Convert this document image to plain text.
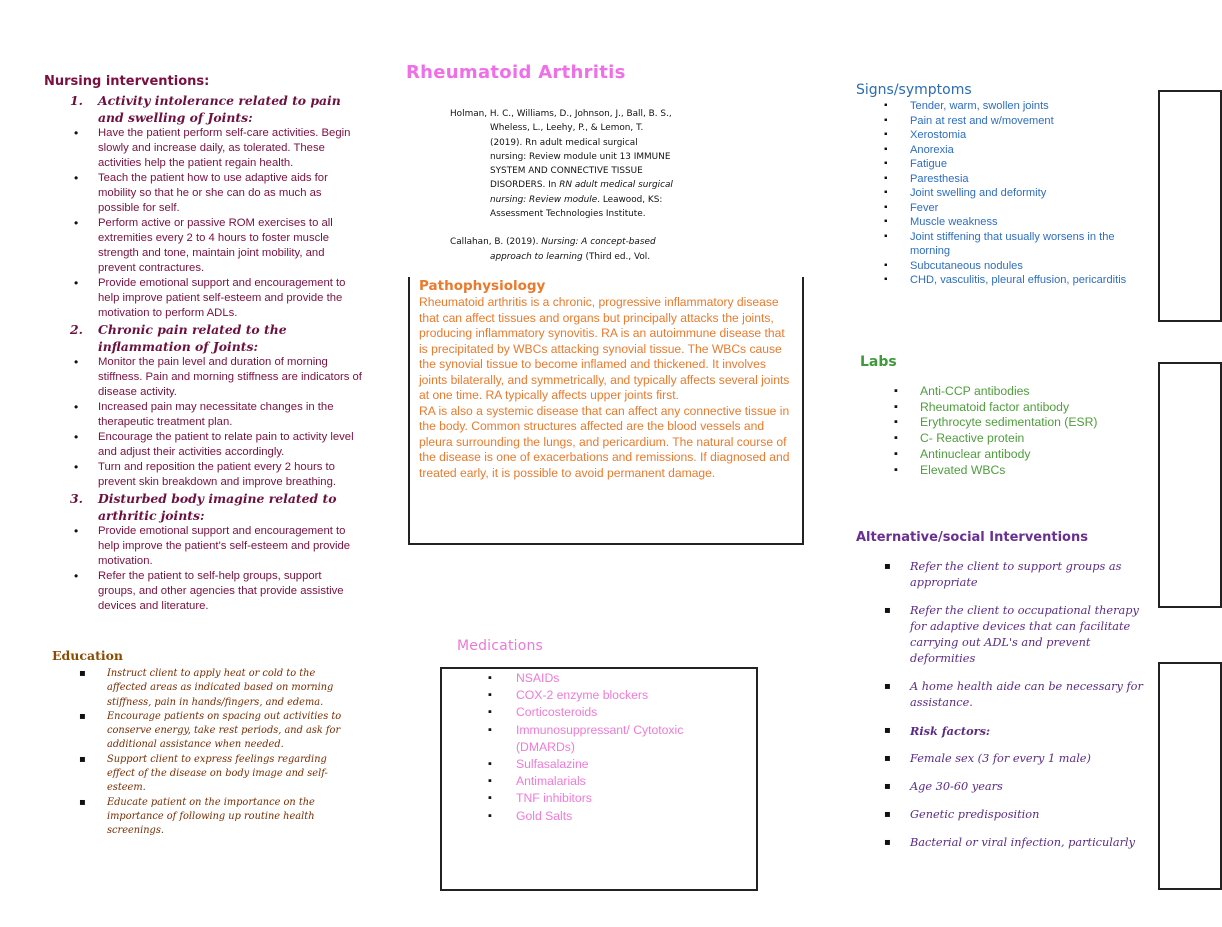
Rheumatoid Arthritis
Nursing interventions:
1. Activity intolerance related to pain and swelling of Joints:
• Have the patient perform self-care activities. Begin slowly and increase daily, as tolerated. These activities help the patient regain health.
• Teach the patient how to use adaptive aids for mobility so that he or she can do as much as possible for self.
• Perform active or passive ROM exercises to all extremities every 2 to 4 hours to foster muscle strength and tone, maintain joint mobility, and prevent contractures.
• Provide emotional support and encouragement to help improve patient self-esteem and provide the motivation to perform ADLs.
2. Chronic pain related to the inflammation of Joints:
• Monitor the pain level and duration of morning stiffness. Pain and morning stiffness are indicators of disease activity.
• Increased pain may necessitate changes in the therapeutic treatment plan.
• Encourage the patient to relate pain to activity level and adjust their activities accordingly.
• Turn and reposition the patient every 2 hours to prevent skin breakdown and improve breathing.
3. Disturbed body imagine related to arthritic joints:
• Provide emotional support and encouragement to help improve the patient's self-esteem and provide motivation.
• Refer the patient to self-help groups, support groups, and other agencies that provide assistive devices and literature.
Education
▪ Instruct client to apply heat or cold to the affected areas as indicated based on morning stiffness, pain in hands/fingers, and edema.
▪ Encourage patients on spacing out activities to conserve energy, take rest periods, and ask for additional assistance when needed.
▪ Support client to express feelings regarding effect of the disease on body image and self-esteem.
▪ Educate patient on the importance on the importance of following up routine health screenings.

Holman, H. C., Williams, D., Johnson, J., Ball, B. S., Wheless, L., Leehy, P., & Lemon, T. (2019). Rn adult medical surgical nursing: Review module unit 13 IMMUNE SYSTEM AND CONNECTIVE TISSUE DISORDERS. In RN adult medical surgical nursing: Review module. Leawood, KS: Assessment Technologies Institute.

Callahan, B. (2019). Nursing: A concept-based approach to learning (Third ed., Vol.

Pathophysiology

Rheumatoid arthritis is a chronic, progressive inflammatory disease that can affect tissues and organs but principally attacks the joints, producing inflammatory synovitis. RA is an autoimmune disease that is precipitated by WBCs attacking synovial tissue. The WBCs cause the synovial tissue to become inflamed and thickened. It involves joints bilaterally, and symmetrically, and typically affects several joints at one time. RA typically affects upper joints first.

RA is also a systemic disease that can affect any connective tissue in the body. Common structures affected are the blood vessels and pleura surrounding the lungs, and pericardium. The natural course of the disease is one of exacerbations and remissions. If diagnosed and treated early, it is possible to avoid permanent damage.

Medications
▪ NSAIDs
▪ COX-2 enzyme blockers
▪ Corticosteroids
▪ Immunosuppressant/ Cytotoxic (DMARDs)
▪ Sulfasalazine
▪ Antimalarials
▪ TNF inhibitors
▪ Gold Salts
Signs/symptoms
▪ Tender, warm, swollen joints
▪ Pain at rest and w/movement
▪ Xerostomia
▪ Anorexia
▪ Fatigue
▪ Paresthesia
▪ Joint swelling and deformity
▪ Fever
▪ Muscle weakness
▪ Joint stiffening that usually worsens in the morning
▪ Subcutaneous nodules
▪ CHD, vasculitis, pleural effusion, pericarditis
Labs
▪ Anti-CCP antibodies
▪ Rheumatoid factor antibody
▪ Erythrocyte sedimentation (ESR)
▪ C- Reactive protein
▪ Antinuclear antibody
▪ Elevated WBCs
Alternative/social Interventions
▪ Refer the client to support groups as appropriate
▪ Refer the client to occupational therapy for adaptive devices that can facilitate carrying out ADL's and prevent deformities
▪ A home health aide can be necessary for assistance.
▪ Risk factors:
▪ Female sex (3 for every 1 male)
▪ Age 30-60 years
▪ Genetic predisposition
▪ Bacterial or viral infection, particularly
